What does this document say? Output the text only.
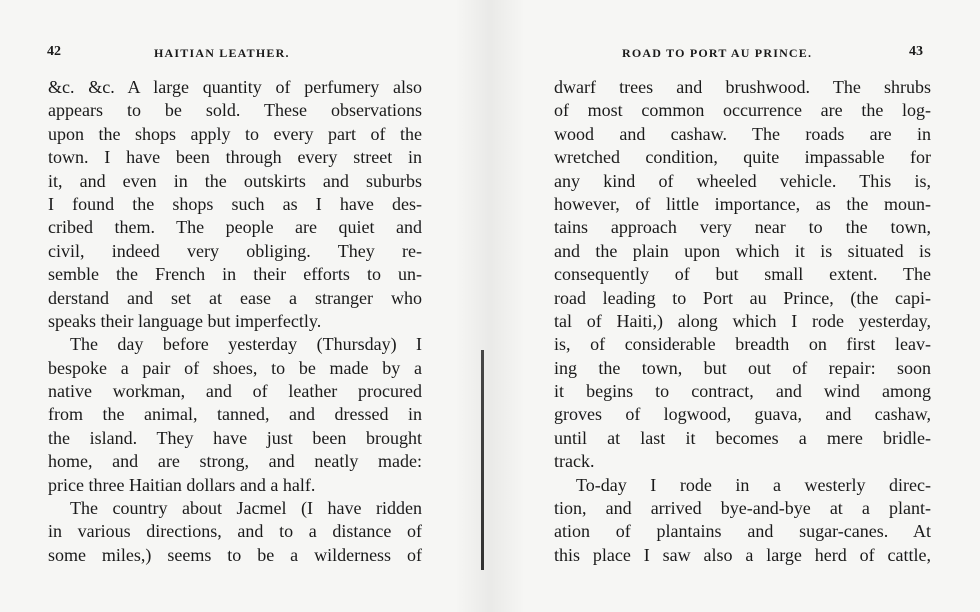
42	HAITIAN LEATHER.
&c. &c. A large quantity of perfumery also
appears to be sold. These observations
upon the shops apply to every part of the
town. I have been through every street in
it, and even in the outskirts and suburbs
I found the shops such as I have des-
cribed them. The people are quiet and
civil, indeed very obliging. They re-
semble the French in their efforts to un-
derstand and set at ease a stranger who
speaks their language but imperfectly.
The day before yesterday (Thursday) I
bespoke a pair of shoes, to be made by a
native workman, and of leather procured
from the animal, tanned, and dressed in
the island. They have just been brought
home, and are strong, and neatly made:
price three Haitian dollars and a half.
The country about Jacmel (I have ridden
in various directions, and to a distance of
some miles,) seems to be a wilderness of
ROAD TO PORT AU PRINCE.	43
dwarf trees and brushwood. The shrubs
of most common occurrence are the log-
wood and cashaw. The roads are in
wretched condition, quite impassable for
any kind of wheeled vehicle. This is,
however, of little importance, as the moun-
tains approach very near to the town,
and the plain upon which it is situated is
consequently of but small extent. The
road leading to Port au Prince, (the capi-
tal of Haiti,) along which I rode yesterday,
is, of considerable breadth on first leav-
ing the town, but out of repair: soon
it begins to contract, and wind among
groves of logwood, guava, and cashaw,
until at last it becomes a mere bridle-
track.
To-day I rode in a westerly direc-
tion, and arrived bye-and-bye at a plant-
ation of plantains and sugar-canes. At
this place I saw also a large herd of cattle,
